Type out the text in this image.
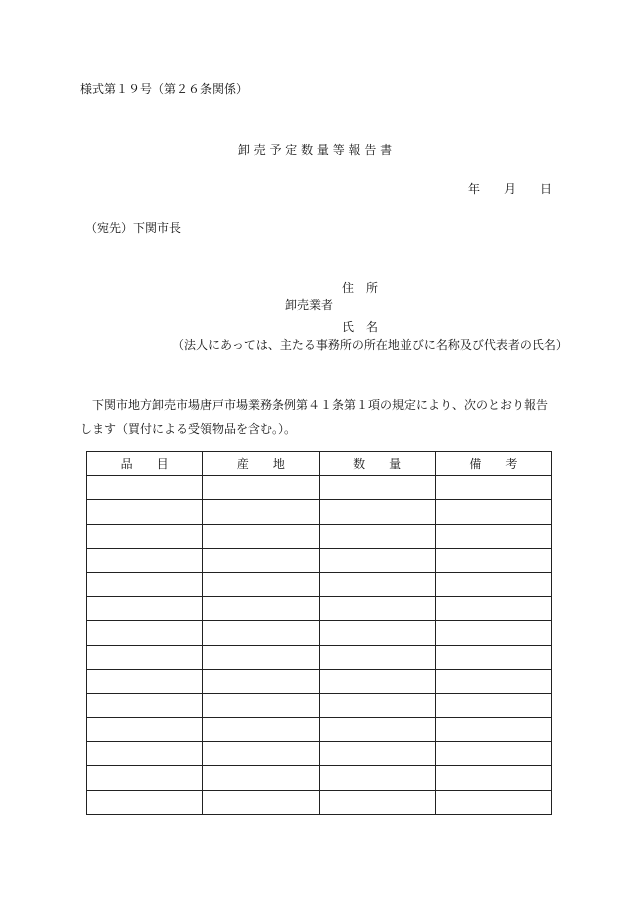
様式第１９号（第２６条関係）
卸 売 予 定 数 量 等 報 告 書
年 月 日
（宛先）下関市長
住　所
卸売業者
氏　名
（法人にあっては、主たる事務所の所在地並びに名称及び代表者の氏名）
下関市地方卸売市場唐戸市場業務条例第４１条第１項の規定により、次のとおり報告します（買付による受領物品を含む。）。
品　　目	産　　地	数　　量	備　　考
